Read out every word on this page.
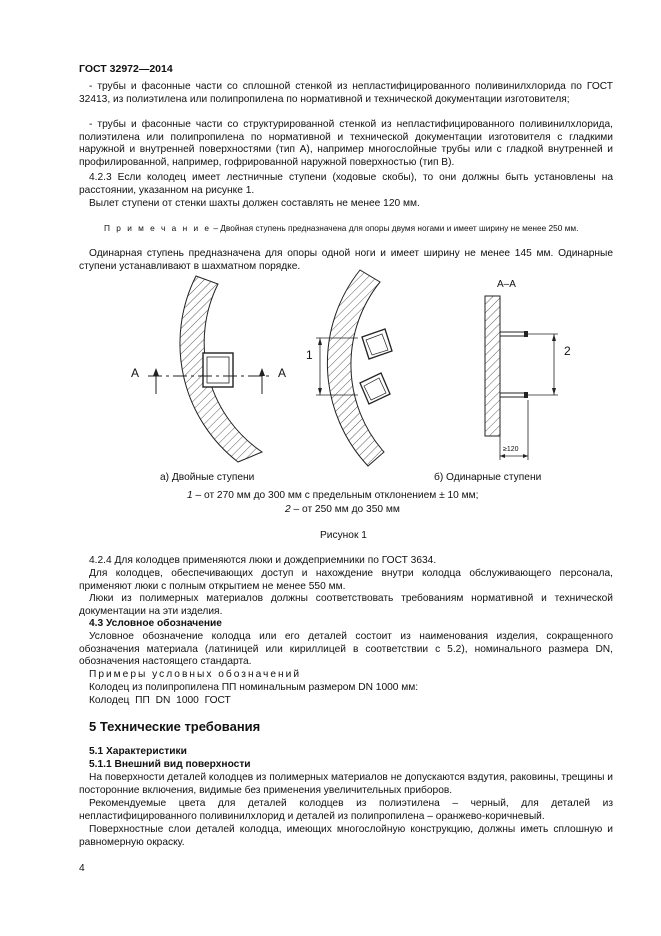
ГОСТ 32972—2014
- трубы и фасонные части со сплошной стенкой из непластифицированного поливинилхлорида по ГОСТ 32413, из полиэтилена или полипропилена по нормативной и технической документации изготовителя;
- трубы и фасонные части со структурированной стенкой из непластифицированного поливинилхлорида, полиэтилена или полипропилена по нормативной и технической документации изготовителя с гладкими наружной и внутренней поверхностями (тип А), например многослойные трубы или с гладкой внутренней и профилированной, например, гофрированной наружной поверхностью (тип В).
4.2.3 Если колодец имеет лестничные ступени (ходовые скобы), то они должны быть установлены на расстоянии, указанном на рисунке 1.
Вылет ступени от стенки шахты должен составлять не менее 120 мм.
П р и м е ч а н и е – Двойная ступень предназначена для опоры двумя ногами и имеет ширину не менее 250 мм.
Одинарная ступень предназначена для опоры одной ноги и имеет ширину не менее 145 мм. Одинарные ступени устанавливают в шахматном порядке.
А	А
1	2
А–А
≥120
а) Двойные ступени	б) Одинарные ступени
1 – от 270 мм до 300 мм с предельным отклонением ± 10 мм;
2 – от 250 мм до 350 мм
Рисунок 1
4.2.4 Для колодцев применяются люки и дождеприемники по ГОСТ 3634.
Для колодцев, обеспечивающих доступ и нахождение внутри колодца обслуживающего персонала, применяют люки с полным открытием не менее 550 мм.
Люки из полимерных материалов должны соответствовать требованиям нормативной и технической документации на эти изделия.
4.3 Условное обозначение
Условное обозначение колодца или его деталей состоит из наименования изделия, сокращенного обозначения материала (латиницей или кириллицей в соответствии с 5.2), номинального размера DN, обозначения настоящего стандарта.
Примеры условных обозначений
Колодец из полипропилена ПП номинальным размером DN 1000 мм:
Колодец ПП DN 1000 ГОСТ
5 Технические требования
5.1 Характеристики
5.1.1 Внешний вид поверхности
На поверхности деталей колодцев из полимерных материалов не допускаются вздутия, раковины, трещины и посторонние включения, видимые без применения увеличительных приборов.
Рекомендуемые цвета для деталей колодцев из полиэтилена – черный, для деталей из непластифицированного поливинилхлорид и деталей из полипропилена – оранжево-коричневый.
Поверхностные слои деталей колодца, имеющих многослойную конструкцию, должны иметь сплошную и равномерную окраску.
4
